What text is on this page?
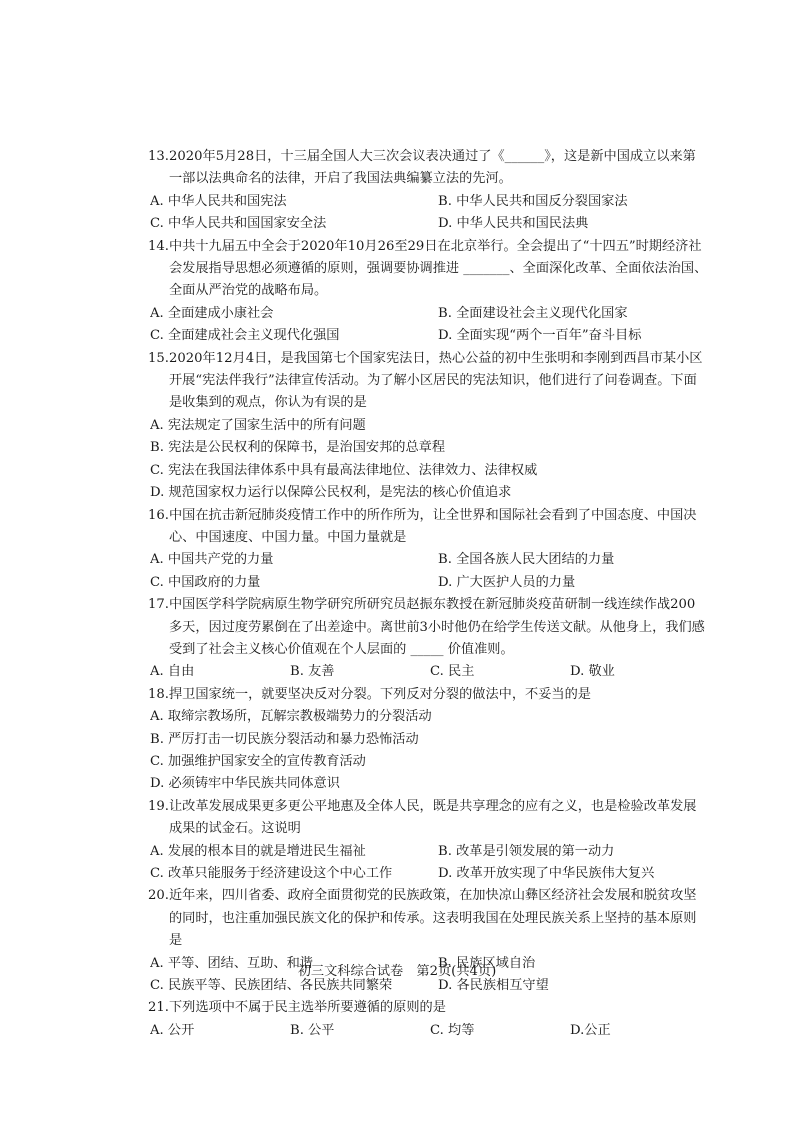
13. 2020年5月28日，十三届全国人大三次会议表决通过了《______》，这是新中国成立以来第一部以法典命名的法律，开启了我国法典编纂立法的先河。
A. 中华人民共和国宪法	B. 中华人民共和国反分裂国家法
C. 中华人民共和国国家安全法	D. 中华人民共和国民法典
14. 中共十九届五中全会于2020年10月26至29日在北京举行。全会提出了“十四五”时期经济社会发展指导思想必须遵循的原则，强调要协调推进 _______、全面深化改革、全面依法治国、全面从严治党的战略布局。
A. 全面建成小康社会	B. 全面建设社会主义现代化国家
C. 全面建成社会主义现代化强国	D. 全面实现“两个一百年”奋斗目标
15. 2020年12月4日，是我国第七个国家宪法日，热心公益的初中生张明和李刚到西昌市某小区开展“宪法伴我行”法律宣传活动。为了解小区居民的宪法知识，他们进行了问卷调查。下面是收集到的观点，你认为有误的是
A. 宪法规定了国家生活中的所有问题
B. 宪法是公民权利的保障书，是治国安邦的总章程
C. 宪法在我国法律体系中具有最高法律地位、法律效力、法律权威
D. 规范国家权力运行以保障公民权利，是宪法的核心价值追求
16. 中国在抗击新冠肺炎疫情工作中的所作所为，让全世界和国际社会看到了中国态度、中国决心、中国速度、中国力量。中国力量就是
A. 中国共产党的力量	B. 全国各族人民大团结的力量
C. 中国政府的力量	D. 广大医护人员的力量
17. 中国医学科学院病原生物学研究所研究员赵振东教授在新冠肺炎疫苗研制一线连续作战200多天，因过度劳累倒在了出差途中。离世前3小时他仍在给学生传送文献。从他身上，我们感受到了社会主义核心价值观在个人层面的 _____ 价值准则。
A. 自由	B. 友善	C. 民主	D. 敬业
18. 捍卫国家统一，就要坚决反对分裂。下列反对分裂的做法中，不妥当的是
A. 取缔宗教场所，瓦解宗教极端势力的分裂活动
B. 严厉打击一切民族分裂活动和暴力恐怖活动
C. 加强维护国家安全的宣传教育活动
D. 必须铸牢中华民族共同体意识
19. 让改革发展成果更多更公平地惠及全体人民，既是共享理念的应有之义，也是检验改革发展成果的试金石。这说明
A. 发展的根本目的就是增进民生福祉	B. 改革是引领发展的第一动力
C. 改革只能服务于经济建设这个中心工作	D. 改革开放实现了中华民族伟大复兴
20. 近年来，四川省委、政府全面贯彻党的民族政策，在加快凉山彝区经济社会发展和脱贫攻坚的同时，也注重加强民族文化的保护和传承。这表明我国在处理民族关系上坚持的基本原则是
A. 平等、团结、互助、和谐	B. 民族区域自治
C. 民族平等、民族团结、各民族共同繁荣	D. 各民族相互守望
21. 下列选项中不属于民主选举所要遵循的原则的是
A. 公开	B. 公平	C. 均等	D.公正
初三文科综合试卷　第2页(共4页)
